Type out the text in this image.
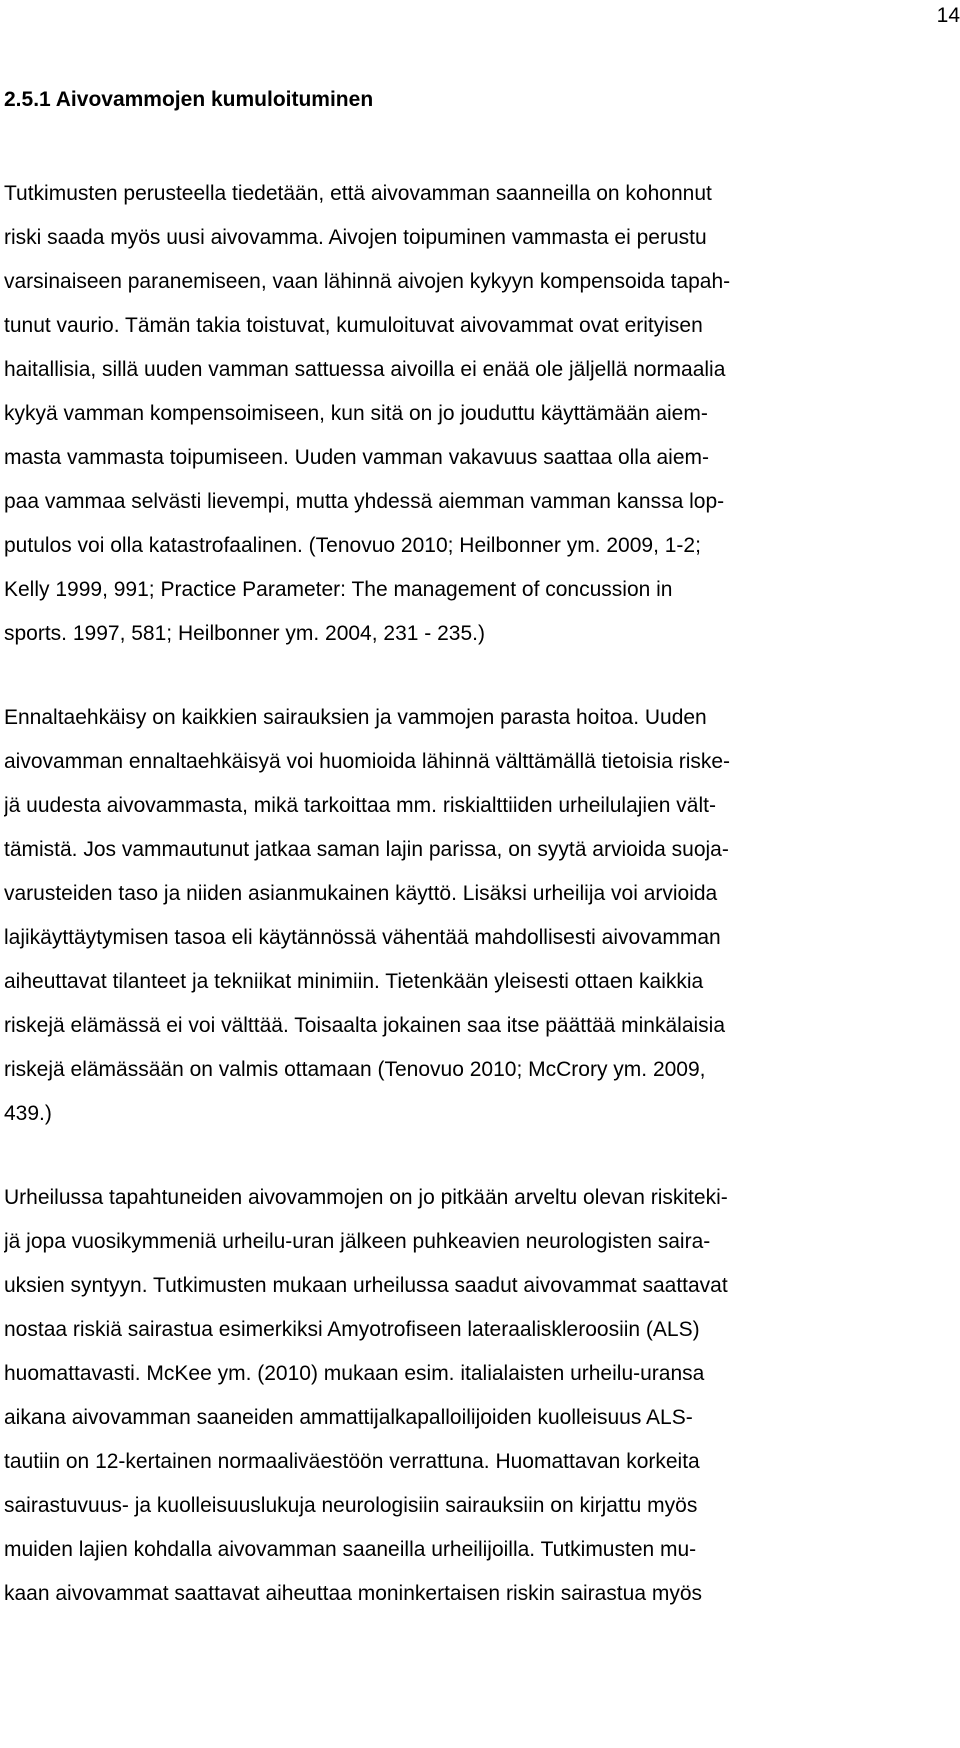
14
2.5.1 Aivovammojen kumuloituminen
Tutkimusten perusteella tiedetään, että aivovamman saanneilla on kohonnut
riski saada myös uusi aivovamma. Aivojen toipuminen vammasta ei perustu
varsinaiseen paranemiseen, vaan lähinnä aivojen kykyyn kompensoida tapah-
tunut vaurio. Tämän takia toistuvat, kumuloituvat aivovammat ovat erityisen
haitallisia, sillä uuden vamman sattuessa aivoilla ei enää ole jäljellä normaalia
kykyä vamman kompensoimiseen, kun sitä on jo jouduttu käyttämään aiem-
masta vammasta toipumiseen. Uuden vamman vakavuus saattaa olla aiem-
paa vammaa selvästi lievempi, mutta yhdessä aiemman vamman kanssa lop-
putulos voi olla katastrofaalinen. (Tenovuo 2010; Heilbonner ym. 2009, 1-2;
Kelly 1999, 991; Practice Parameter: The management of concussion in
sports. 1997, 581; Heilbonner ym. 2004, 231 - 235.)
Ennaltaehkäisy on kaikkien sairauksien ja vammojen parasta hoitoa. Uuden
aivovamman ennaltaehkäisyä voi huomioida lähinnä välttämällä tietoisia riske-
jä uudesta aivovammasta, mikä tarkoittaa mm. riskialttiiden urheilulajien vält-
tämistä. Jos vammautunut jatkaa saman lajin parissa, on syytä arvioida suoja-
varusteiden taso ja niiden asianmukainen käyttö. Lisäksi urheilija voi arvioida
lajikäyttäytymisen tasoa eli käytännössä vähentää mahdollisesti aivovamman
aiheuttavat tilanteet ja tekniikat minimiin. Tietenkään yleisesti ottaen kaikkia
riskejä elämässä ei voi välttää. Toisaalta jokainen saa itse päättää minkälaisia
riskejä elämässään on valmis ottamaan (Tenovuo 2010; McCrory ym. 2009,
439.)
Urheilussa tapahtuneiden aivovammojen on jo pitkään arveltu olevan riskiteki-
jä jopa vuosikymmeniä urheilu-uran jälkeen puhkeavien neurologisten saira-
uksien syntyyn. Tutkimusten mukaan urheilussa saadut aivovammat saattavat
nostaa riskiä sairastua esimerkiksi Amyotrofiseen lateraaliskleroosiin (ALS)
huomattavasti. McKee ym. (2010) mukaan esim. italialaisten urheilu-uransa
aikana aivovamman saaneiden ammattijalkapalloilijoiden kuolleisuus ALS-
tautiin on 12-kertainen normaaliväestöön verrattuna. Huomattavan korkeita
sairastuvuus- ja kuolleisuuslukuja neurologisiin sairauksiin on kirjattu myös
muiden lajien kohdalla aivovamman saaneilla urheilijoilla. Tutkimusten mu-
kaan aivovammat saattavat aiheuttaa moninkertaisen riskin sairastua myös
